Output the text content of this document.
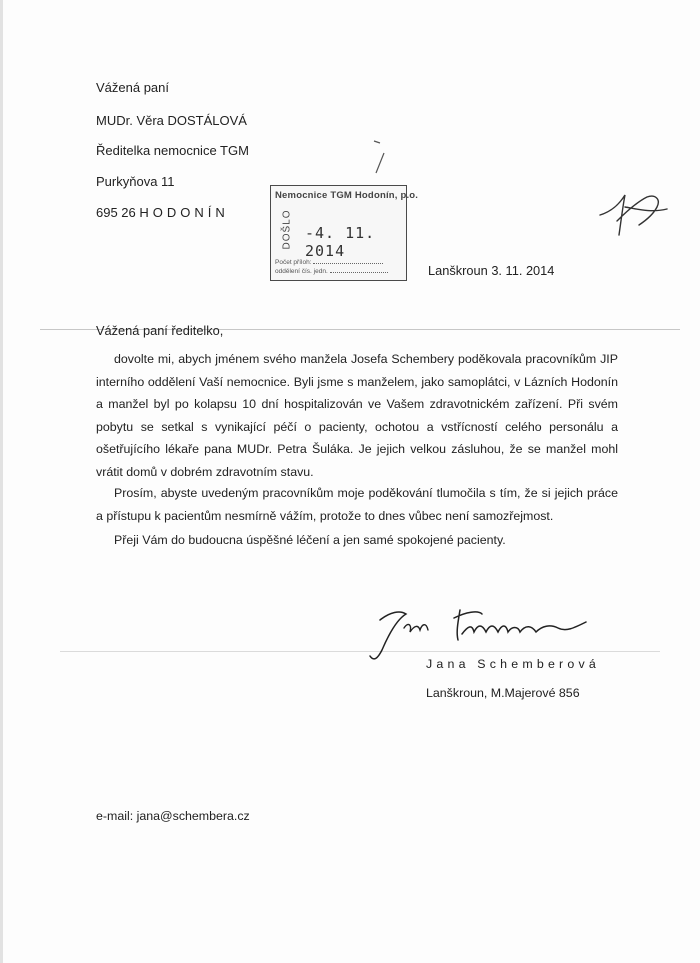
Vážená paní
MUDr. Věra DOSTÁLOVÁ
Ředitelka nemocnice TGM
Purkyňova 11
695 26 HODONÍN
Nemocnice TGM Hodonín, p.o.
DOŠLO -4. 11. 2014
Počet příloh:
oddělení čís. jedn.	Lanškroun 3. 11. 2014
Vážená paní ředitelko,

dovolte mi, abych jménem svého manžela Josefa Schembery poděkovala pracovníkům JIP interního oddělení Vaší nemocnice. Byli jsme s manželem, jako samoplátci, v Lázních Hodonín a manžel byl po kolapsu 10 dní hospitalizován ve Vašem zdravotnickém zařízení. Při svém pobytu se setkal s vynikající péčí o pacienty, ochotou a vstřícností celého personálu a ošetřujícího lékaře pana MUDr. Petra Šuláka. Je jejich velkou zásluhou, že se manžel mohl vrátit domů v dobrém zdravotním stavu.

Prosím, abyste uvedeným pracovníkům moje poděkování tlumočila s tím, že si jejich práce a přístupu k pacientům nesmírně vážím, protože to dnes vůbec není samozřejmost.

Přeji Vám do budoucna úspěšné léčení a jen samé spokojené pacienty.

Jana Schemberová
Lanškroun, M.Majerové 856
e-mail: jana@schembera.cz
